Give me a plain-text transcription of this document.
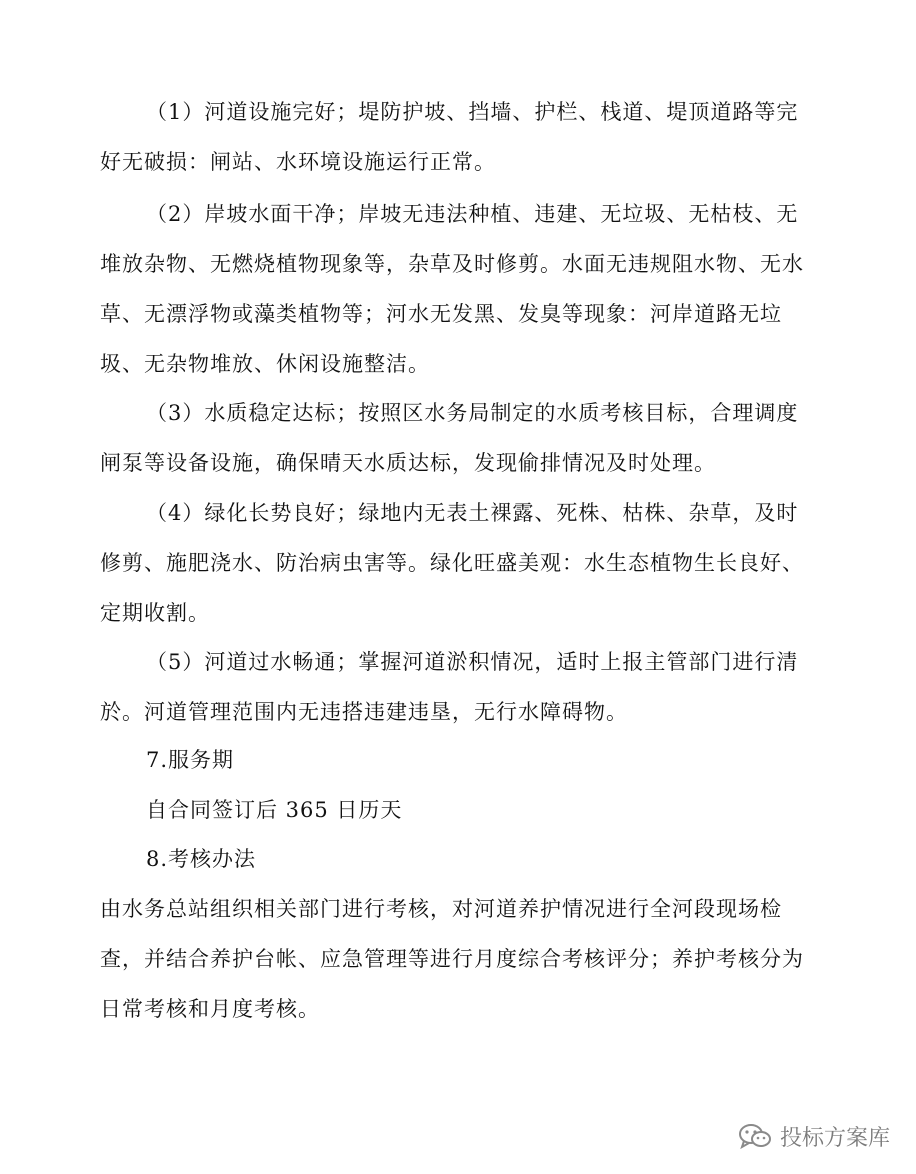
（1）河道设施完好；堤防护坡、挡墙、护栏、栈道、堤顶道路等完好无破损：闸站、水环境设施运行正常。

（2）岸坡水面干净；岸坡无违法种植、违建、无垃圾、无枯枝、无堆放杂物、无燃烧植物现象等，杂草及时修剪。水面无违规阻水物、无水草、无漂浮物或藻类植物等；河水无发黑、发臭等现象：河岸道路无垃圾、无杂物堆放、休闲设施整洁。

（3）水质稳定达标；按照区水务局制定的水质考核目标，合理调度闸泵等设备设施，确保晴天水质达标，发现偷排情况及时处理。

（4）绿化长势良好；绿地内无表土裸露、死株、枯株、杂草，及时修剪、施肥浇水、防治病虫害等。绿化旺盛美观：水生态植物生长良好、定期收割。

（5）河道过水畅通；掌握河道淤积情况，适时上报主管部门进行清於。河道管理范围内无违搭违建违垦，无行水障碍物。

7.服务期

自合同签订后 365 日历天

8.考核办法

由水务总站组织相关部门进行考核，对河道养护情况进行全河段现场检查，并结合养护台帐、应急管理等进行月度综合考核评分；养护考核分为日常考核和月度考核。

投标方案库
